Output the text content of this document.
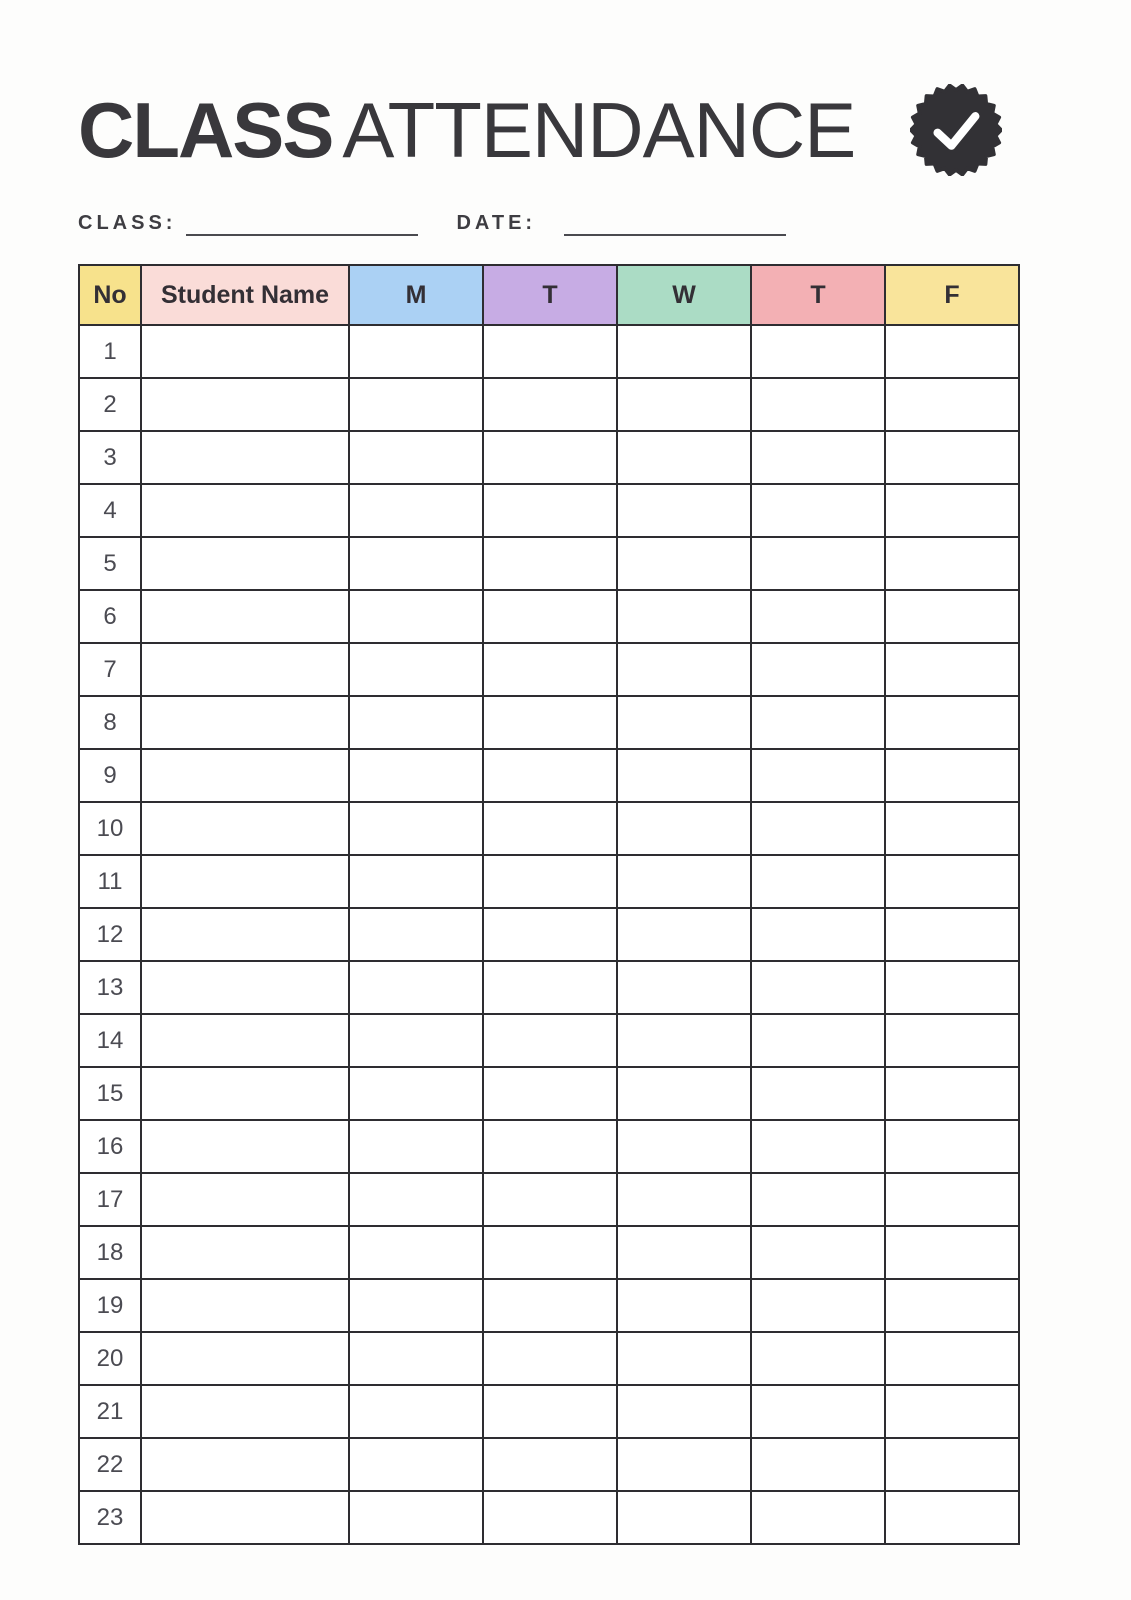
CLASS ATTENDANCE
CLASS:	DATE:
No	Student Name	M	T	W	T	F
1						
2						
3						
4						
5						
6						
7						
8						
9						
10						
11						
12						
13						
14						
15						
16						
17						
18						
19						
20						
21						
22						
23						
